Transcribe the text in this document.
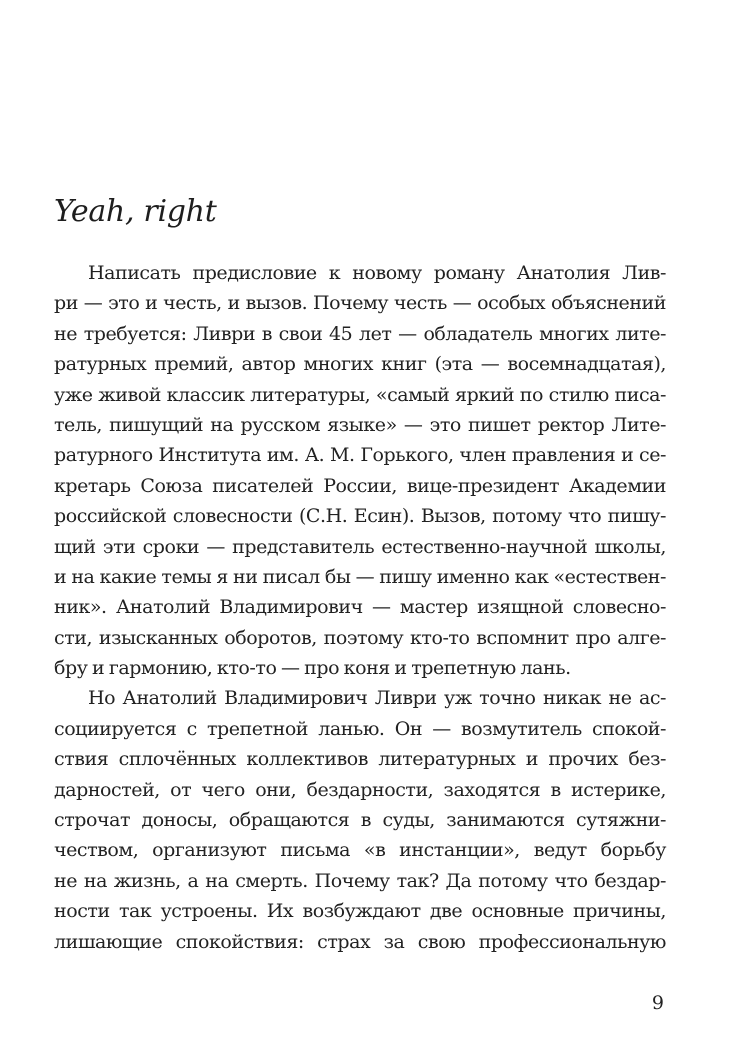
Yeah, right
Написать предисловие к новому роману Анатолия Лив-
ри — это и честь, и вызов. Почему честь — особых объяснений
не требуется: Ливри в свои 45 лет — обладатель многих лите-
ратурных премий, автор многих книг (эта — восемнадцатая),
уже живой классик литературы, «самый яркий по стилю писа-
тель, пишущий на русском языке» — это пишет ректор Лите-
ратурного Института им. А. М. Горького, член правления и се-
кретарь Союза писателей России, вице-президент Академии
российской словесности (С.Н. Есин). Вызов, потому что пишу-
щий эти сроки — представитель естественно-научной школы,
и на какие темы я ни писал бы — пишу именно как «естествен-
ник». Анатолий Владимирович — мастер изящной словесно-
сти, изысканных оборотов, поэтому кто-то вспомнит про алге-
бру и гармонию, кто-то — про коня и трепетную лань.
Но Анатолий Владимирович Ливри уж точно никак не ас-
социируется с трепетной ланью. Он — возмутитель спокой-
ствия сплочённых коллективов литературных и прочих без-
дарностей, от чего они, бездарности, заходятся в истерике,
строчат доносы, обращаются в суды, занимаются сутяжни-
чеством, организуют письма «в инстанции», ведут борьбу
не на жизнь, а на смерть. Почему так? Да потому что бездар-
ности так устроены. Их возбуждают две основные причины,
лишающие спокойствия: страх за свою профессиональную
9
